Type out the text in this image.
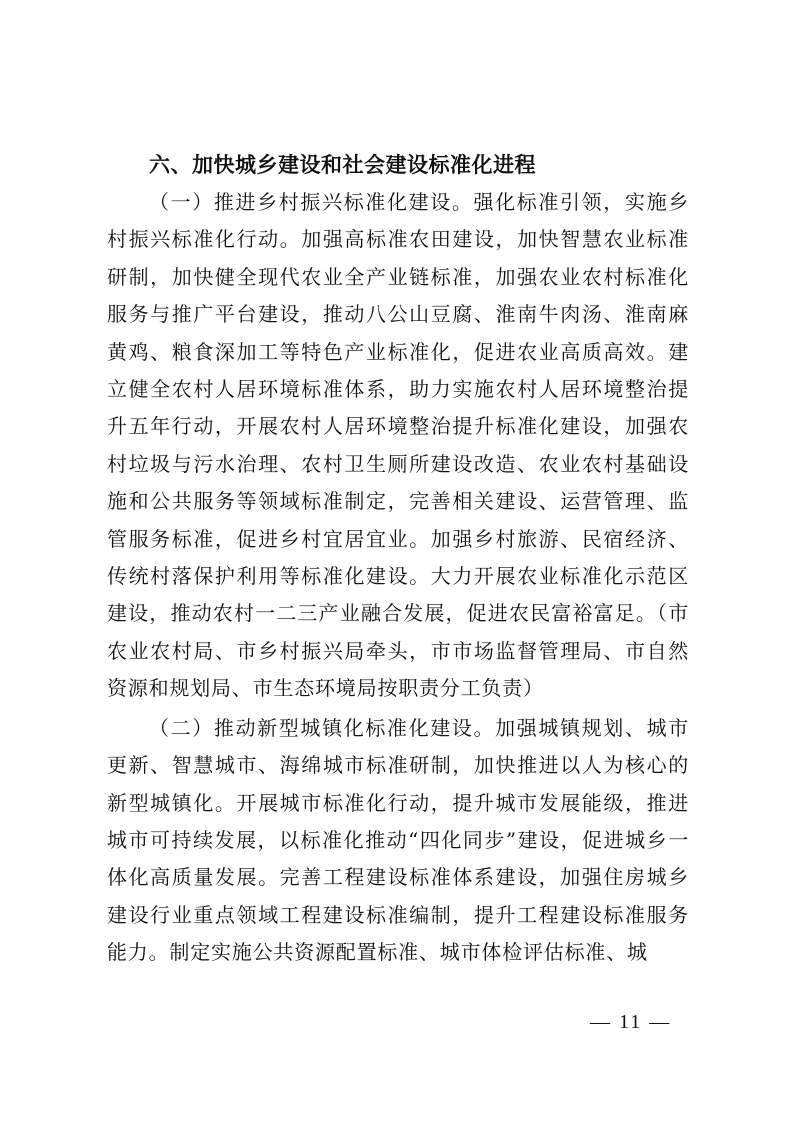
六、加快城乡建设和社会建设标准化进程

（一）推进乡村振兴标准化建设。强化标准引领，实施乡村振兴标准化行动。加强高标准农田建设，加快智慧农业标准研制，加快健全现代农业全产业链标准，加强农业农村标准化服务与推广平台建设，推动八公山豆腐、淮南牛肉汤、淮南麻黄鸡、粮食深加工等特色产业标准化，促进农业高质高效。建立健全农村人居环境标准体系，助力实施农村人居环境整治提升五年行动，开展农村人居环境整治提升标准化建设，加强农村垃圾与污水治理、农村卫生厕所建设改造、农业农村基础设施和公共服务等领域标准制定，完善相关建设、运营管理、监管服务标准，促进乡村宜居宜业。加强乡村旅游、民宿经济、传统村落保护利用等标准化建设。大力开展农业标准化示范区建设，推动农村一二三产业融合发展，促进农民富裕富足。（市农业农村局、市乡村振兴局牵头，市市场监督管理局、市自然资源和规划局、市生态环境局按职责分工负责）

（二）推动新型城镇化标准化建设。加强城镇规划、城市更新、智慧城市、海绵城市标准研制，加快推进以人为核心的新型城镇化。开展城市标准化行动，提升城市发展能级，推进城市可持续发展，以标准化推动“四化同步”建设，促进城乡一体化高质量发展。完善工程建设标准体系建设，加强住房城乡建设行业重点领域工程建设标准编制，提升工程建设标准服务能力。制定实施公共资源配置标准、城市体检评估标准、城

— 11 —
